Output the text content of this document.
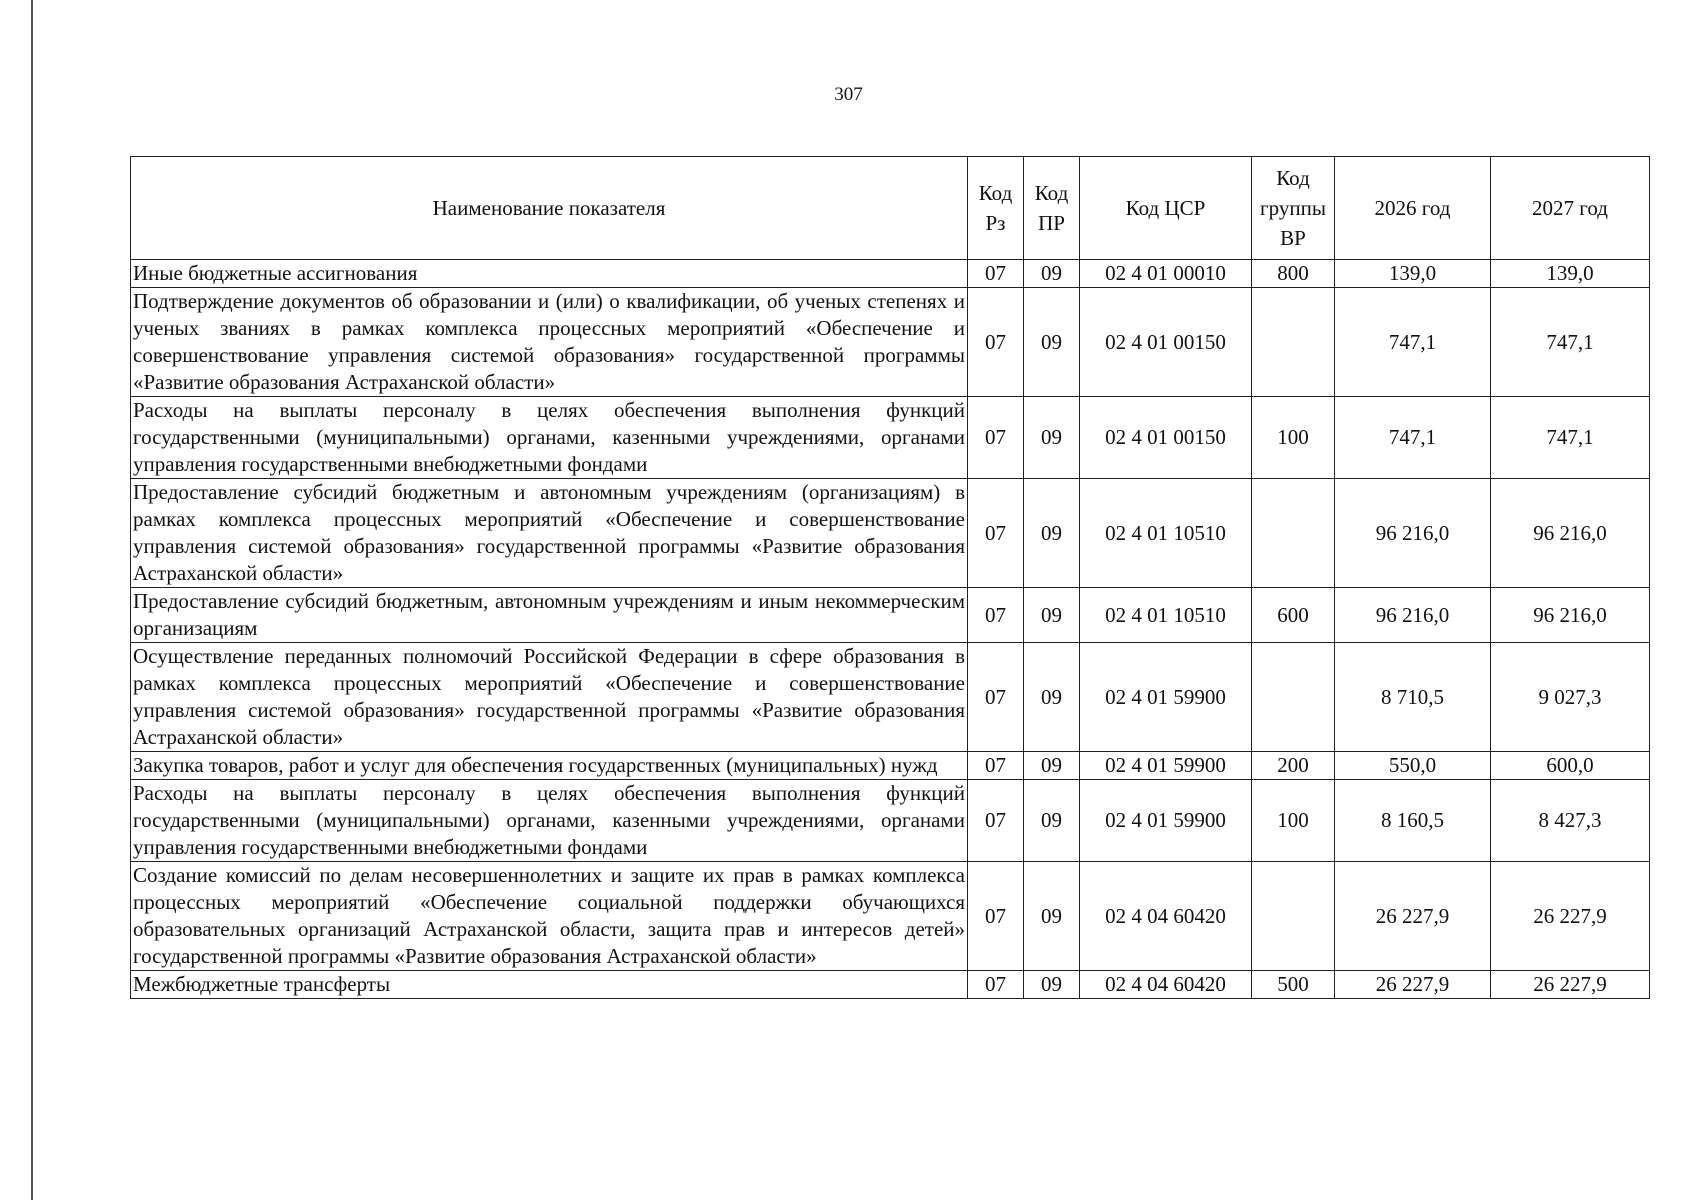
307
Наименование показателя	Код Рз	Код ПР	Код ЦСР	Код группы ВР	2026 год	2027 год
Иные бюджетные ассигнования	07	09	02 4 01 00010	800	139,0	139,0
Подтверждение документов об образовании и (или) о квалификации, об ученых степенях и ученых званиях в рамках комплекса процессных мероприятий «Обеспечение и совершенствование управления системой образования» государственной программы «Развитие образования Астраханской области»	07	09	02 4 01 00150		747,1	747,1
Расходы на выплаты персоналу в целях обеспечения выполнения функций государственными (муниципальными) органами, казенными учреждениями, органами управления государственными внебюджетными фондами	07	09	02 4 01 00150	100	747,1	747,1
Предоставление субсидий бюджетным и автономным учреждениям (организациям) в рамках комплекса процессных мероприятий «Обеспечение и совершенствование управления системой образования» государственной программы «Развитие образования Астраханской области»	07	09	02 4 01 10510		96 216,0	96 216,0
Предоставление субсидий бюджетным, автономным учреждениям и иным некоммерческим организациям	07	09	02 4 01 10510	600	96 216,0	96 216,0
Осуществление переданных полномочий Российской Федерации в сфере образования в рамках комплекса процессных мероприятий «Обеспечение и совершенствование управления системой образования» государственной программы «Развитие образования Астраханской области»	07	09	02 4 01 59900		8 710,5	9 027,3
Закупка товаров, работ и услуг для обеспечения государственных (муниципальных) нужд	07	09	02 4 01 59900	200	550,0	600,0
Расходы на выплаты персоналу в целях обеспечения выполнения функций государственными (муниципальными) органами, казенными учреждениями, органами управления государственными внебюджетными фондами	07	09	02 4 01 59900	100	8 160,5	8 427,3
Создание комиссий по делам несовершеннолетних и защите их прав в рамках комплекса процессных мероприятий «Обеспечение социальной поддержки обучающихся образовательных организаций Астраханской области, защита прав и интересов детей» государственной программы «Развитие образования Астраханской области»	07	09	02 4 04 60420		26 227,9	26 227,9
Межбюджетные трансферты	07	09	02 4 04 60420	500	26 227,9	26 227,9
